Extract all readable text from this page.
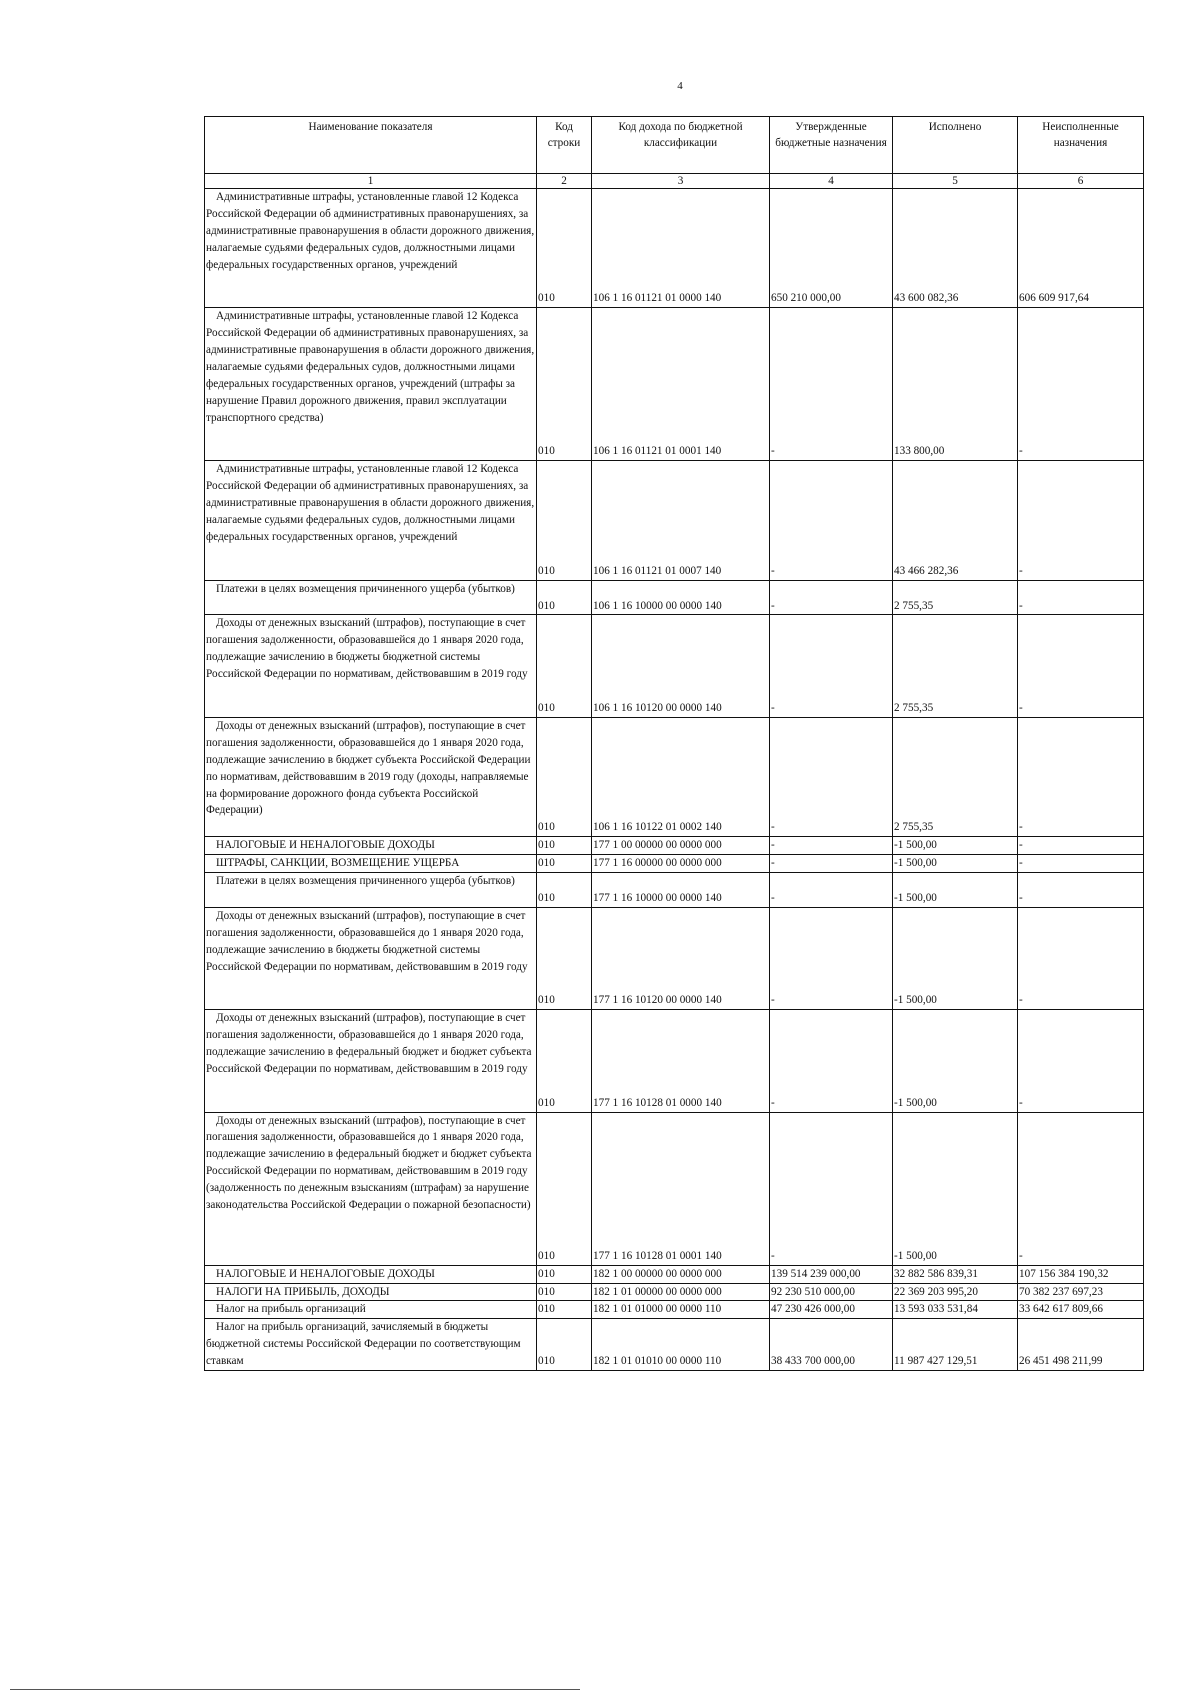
4
Наименование показателя	Код строки	Код дохода по бюджетной классификации	Утвержденные бюджетные назначения	Исполнено	Неисполненные назначения
1	2	3	4	5	6

Административные штрафы, установленные главой 12 Кодекса Российской Федерации об административных правонарушениях, за административные правонарушения в области дорожного движения, налагаемые судьями федеральных судов, должностными лицами федеральных государственных органов, учреждений	010	106 1 16 01121 01 0000 140	650 210 000,00	43 600 082,36	606 609 917,64

Административные штрафы, установленные главой 12 Кодекса Российской Федерации об административных правонарушениях, за административные правонарушения в области дорожного движения, налагаемые судьями федеральных судов, должностными лицами федеральных государственных органов, учреждений (штрафы за нарушение Правил дорожного движения, правил эксплуатации транспортного средства)	010	106 1 16 01121 01 0001 140	-	133 800,00	-

Административные штрафы, установленные главой 12 Кодекса Российской Федерации об административных правонарушениях, за административные правонарушения в области дорожного движения, налагаемые судьями федеральных судов, должностными лицами федеральных государственных органов, учреждений	010	106 1 16 01121 01 0007 140	-	43 466 282,36	-

Платежи в целях возмещения причиненного ущерба (убытков)	010	106 1 16 10000 00 0000 140	-	2 755,35	-

Доходы от денежных взысканий (штрафов), поступающие в счет погашения задолженности, образовавшейся до 1 января 2020 года, подлежащие зачислению в бюджеты бюджетной системы Российской Федерации по нормативам, действовавшим в 2019 году	010	106 1 16 10120 00 0000 140	-	2 755,35	-

Доходы от денежных взысканий (штрафов), поступающие в счет погашения задолженности, образовавшейся до 1 января 2020 года, подлежащие зачислению в бюджет субъекта Российской Федерации по нормативам, действовавшим в 2019 году (доходы, направляемые на формирование дорожного фонда субъекта Российской Федерации)	010	106 1 16 10122 01 0002 140	-	2 755,35	-

НАЛОГОВЫЕ И НЕНАЛОГОВЫЕ ДОХОДЫ	010	177 1 00 00000 00 0000 000	-	-1 500,00	-

ШТРАФЫ, САНКЦИИ, ВОЗМЕЩЕНИЕ УЩЕРБА	010	177 1 16 00000 00 0000 000	-	-1 500,00	-

Платежи в целях возмещения причиненного ущерба (убытков)	010	177 1 16 10000 00 0000 140	-	-1 500,00	-

Доходы от денежных взысканий (штрафов), поступающие в счет погашения задолженности, образовавшейся до 1 января 2020 года, подлежащие зачислению в бюджеты бюджетной системы Российской Федерации по нормативам, действовавшим в 2019 году	010	177 1 16 10120 00 0000 140	-	-1 500,00	-

Доходы от денежных взысканий (штрафов), поступающие в счет погашения задолженности, образовавшейся до 1 января 2020 года, подлежащие зачислению в федеральный бюджет и бюджет субъекта Российской Федерации по нормативам, действовавшим в 2019 году	010	177 1 16 10128 01 0000 140	-	-1 500,00	-

Доходы от денежных взысканий (штрафов), поступающие в счет погашения задолженности, образовавшейся до 1 января 2020 года, подлежащие зачислению в федеральный бюджет и бюджет субъекта Российской Федерации по нормативам, действовавшим в 2019 году (задолженность по денежным взысканиям (штрафам) за нарушение законодательства Российской Федерации о пожарной безопасности)	010	177 1 16 10128 01 0001 140	-	-1 500,00	-

НАЛОГОВЫЕ И НЕНАЛОГОВЫЕ ДОХОДЫ	010	182 1 00 00000 00 0000 000	139 514 239 000,00	32 882 586 839,31	107 156 384 190,32

НАЛОГИ НА ПРИБЫЛЬ, ДОХОДЫ	010	182 1 01 00000 00 0000 000	92 230 510 000,00	22 369 203 995,20	70 382 237 697,23

Налог на прибыль организаций	010	182 1 01 01000 00 0000 110	47 230 426 000,00	13 593 033 531,84	33 642 617 809,66

Налог на прибыль организаций, зачисляемый в бюджеты бюджетной системы Российской Федерации по соответствующим ставкам	010	182 1 01 01010 00 0000 110	38 433 700 000,00	11 987 427 129,51	26 451 498 211,99
